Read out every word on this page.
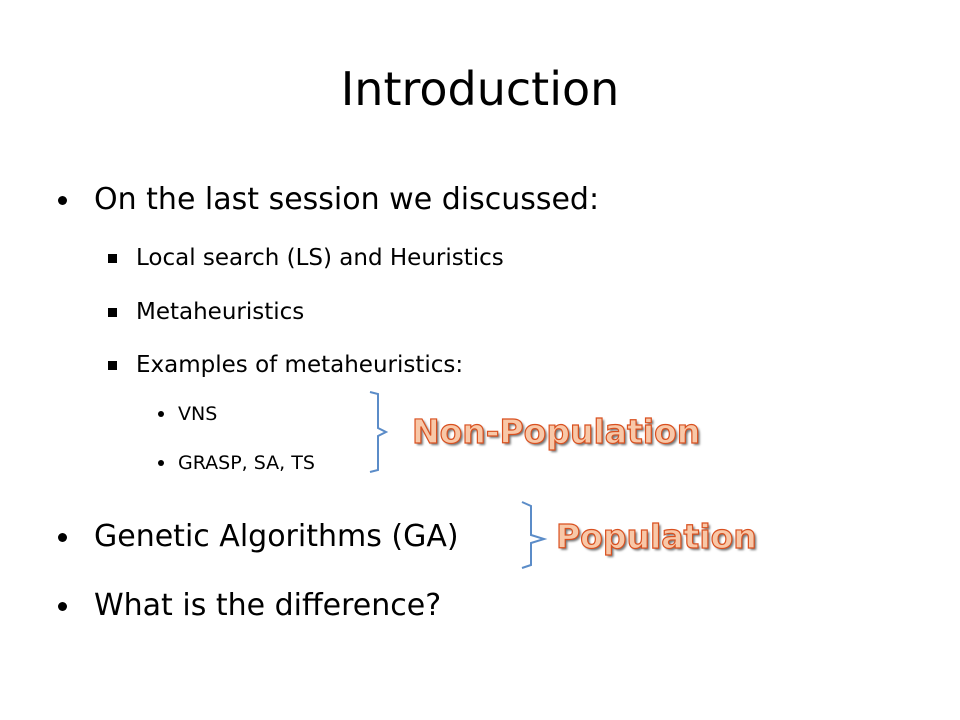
Introduction
On the last session we discussed:
Local search (LS) and Heuristics
Metaheuristics
Examples of metaheuristics:
VNS
GRASP, SA, TS
Genetic Algorithms (GA)
What is the difference?
Non-Population
Population
